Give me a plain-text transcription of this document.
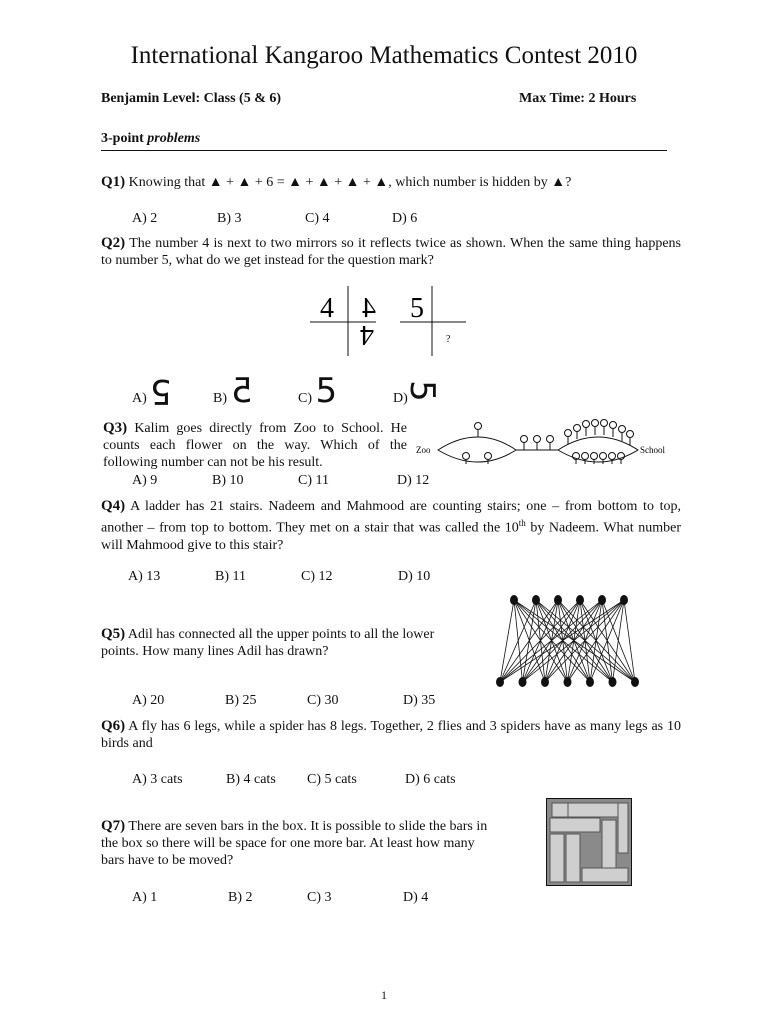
International Kangaroo Mathematics Contest 2010
Benjamin Level: Class (5 & 6)	Max Time: 2 Hours
3-point problems
Q1) Knowing that ▲ + ▲ + 6 = ▲ + ▲ + ▲ + ▲, which number is hidden by ▲?
A) 2	B) 3	C) 4	D) 6
Q2) The number 4 is next to two mirrors so it reflects twice as shown. When the same thing happens to number 5, what do we get instead for the question mark?
4 4
4
5
?
A) 5	B) 5	C) 5	D) 5
Q3) Kalim goes directly from Zoo to School. He counts each flower on the way. Which of the following number can not be his result.
Zoo	School
A) 9	B) 10	C) 11	D) 12
Q4) A ladder has 21 stairs. Nadeem and Mahmood are counting stairs; one – from bottom to top, another – from top to bottom. They met on a stair that was called the 10th by Nadeem. What number will Mahmood give to this stair?
A) 13	B) 11	C) 12	D) 10
Q5) Adil has connected all the upper points to all the lower points. How many lines Adil has drawn?
A) 20	B) 25	C) 30	D) 35
Q6) A fly has 6 legs, while a spider has 8 legs. Together, 2 flies and 3 spiders have as many legs as 10 birds and
A) 3 cats	B) 4 cats C) 5 cats	D) 6 cats
Q7) There are seven bars in the box. It is possible to slide the bars in the box so there will be space for one more bar. At least how many bars have to be moved?
A) 1	B) 2	C) 3	D) 4
1
